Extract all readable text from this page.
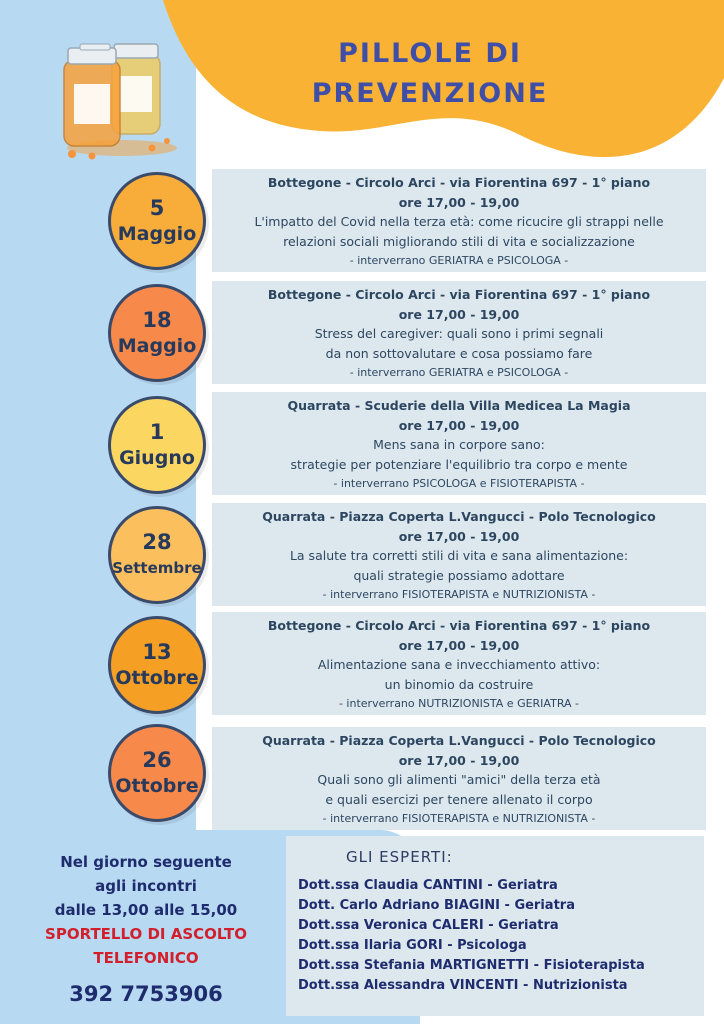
PILLOLE DI
PREVENZIONE
5
Maggio
Bottegone - Circolo Arci - via Fiorentina 697 - 1° piano
ore 17,00 - 19,00
L'impatto del Covid nella terza età: come ricucire gli strappi nelle
relazioni sociali migliorando stili di vita e socializzazione
- interverrano GERIATRA e PSICOLOGA -
18
Maggio
Bottegone - Circolo Arci - via Fiorentina 697 - 1° piano
ore 17,00 - 19,00
Stress del caregiver: quali sono i primi segnali
da non sottovalutare e cosa possiamo fare
- interverrano GERIATRA e PSICOLOGA -
1
Giugno
Quarrata - Scuderie della Villa Medicea La Magia
ore 17,00 - 19,00
Mens sana in corpore sano:
strategie per potenziare l'equilibrio tra corpo e mente
- interverrano PSICOLOGA e FISIOTERAPISTA -
28
Settembre
Quarrata - Piazza Coperta L.Vangucci - Polo Tecnologico
ore 17,00 - 19,00
La salute tra corretti stili di vita e sana alimentazione:
quali strategie possiamo adottare
- interverrano FISIOTERAPISTA e NUTRIZIONISTA -
13
Ottobre
Bottegone - Circolo Arci - via Fiorentina 697 - 1° piano
ore 17,00 - 19,00
Alimentazione sana e invecchiamento attivo:
un binomio da costruire
- interverrano NUTRIZIONISTA e GERIATRA -
26
Ottobre
Quarrata - Piazza Coperta L.Vangucci - Polo Tecnologico
ore 17,00 - 19,00
Quali sono gli alimenti "amici" della terza età
e quali esercizi per tenere allenato il corpo
- interverrano FISIOTERAPISTA e NUTRIZIONISTA -
Nel giorno seguente
agli incontri
dalle 13,00 alle 15,00
SPORTELLO DI ASCOLTO
TELEFONICO
392 7753906
GLI ESPERTI:
Dott.ssa Claudia CANTINI - Geriatra
Dott. Carlo Adriano BIAGINI - Geriatra
Dott.ssa Veronica CALERI - Geriatra
Dott.ssa Ilaria GORI - Psicologa
Dott.ssa Stefania MARTIGNETTI - Fisioterapista
Dott.ssa Alessandra VINCENTI - Nutrizionista
